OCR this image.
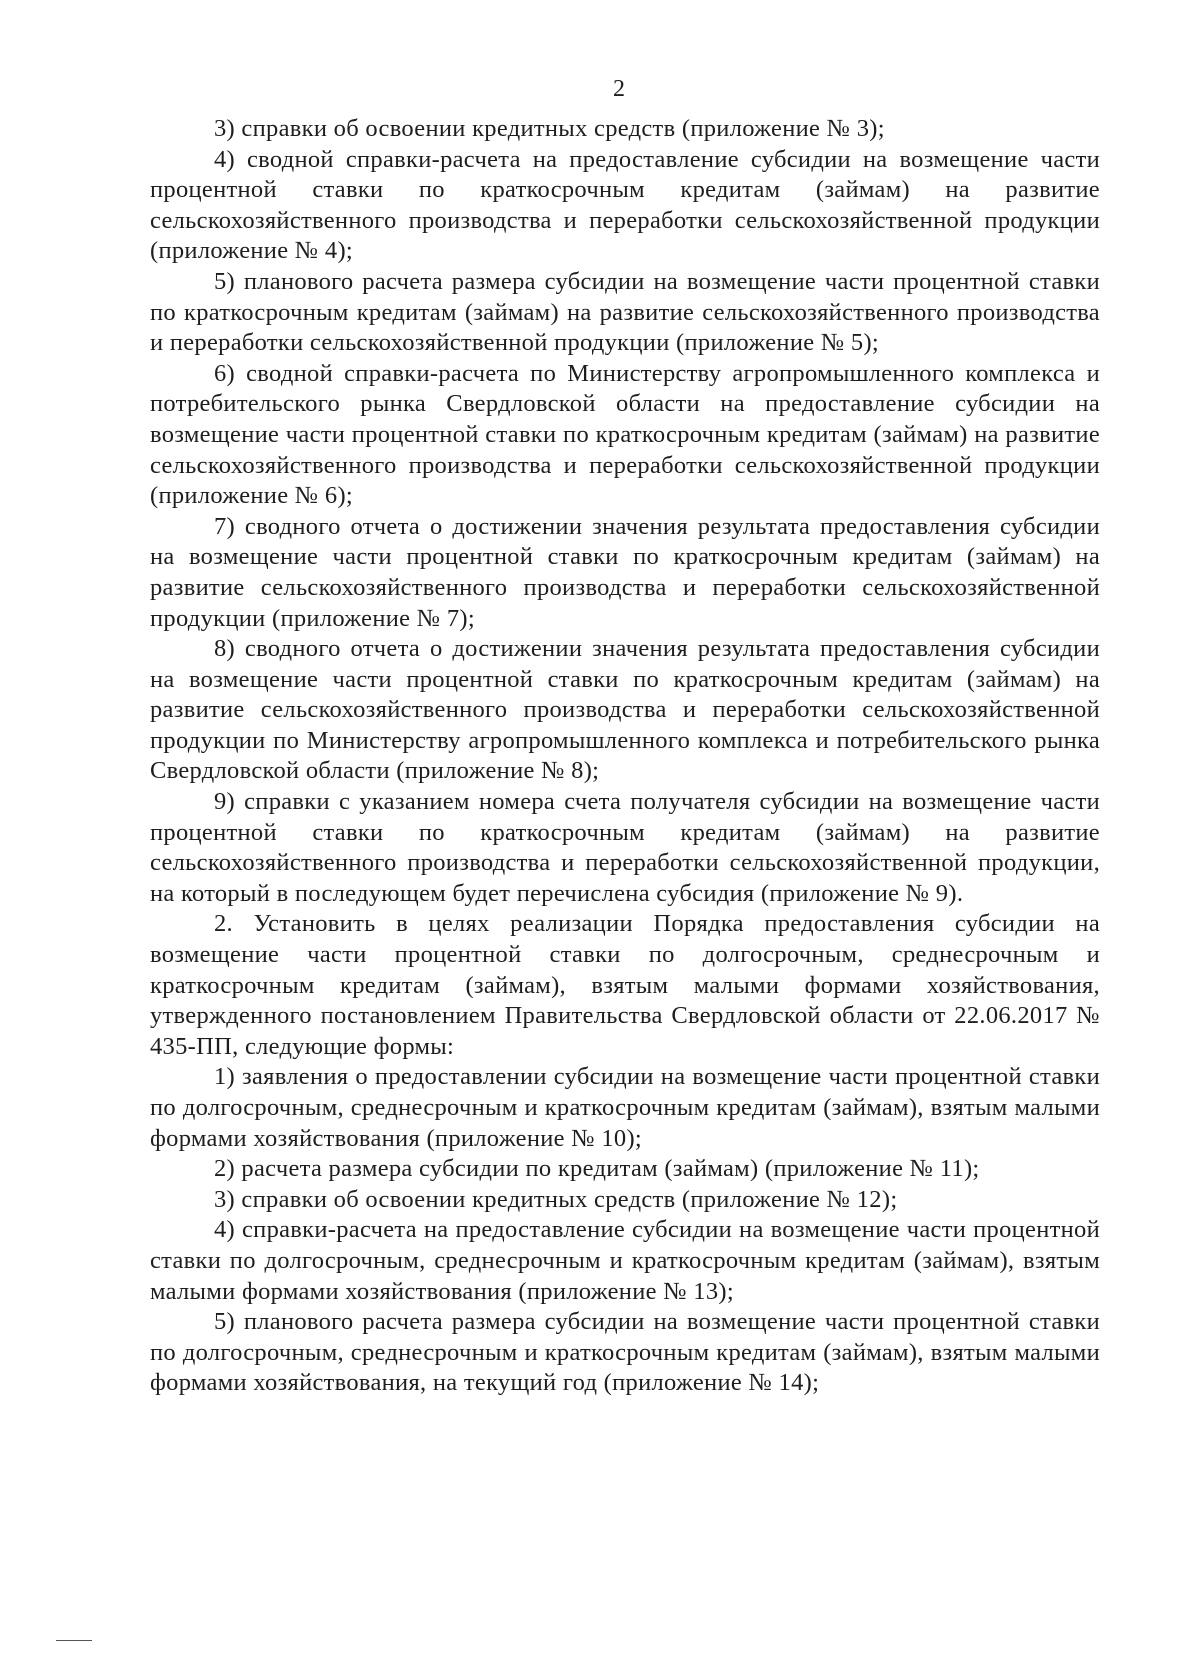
2

3) справки об освоении кредитных средств (приложение № 3);

4) сводной справки-расчета на предоставление субсидии на возмещение части процентной ставки по краткосрочным кредитам (займам) на развитие сельскохозяйственного производства и переработки сельскохозяйственной продукции (приложение № 4);

5) планового расчета размера субсидии на возмещение части процентной ставки по краткосрочным кредитам (займам) на развитие сельскохозяйственного производства и переработки сельскохозяйственной продукции (приложение № 5);

6) сводной справки-расчета по Министерству агропромышленного комплекса и потребительского рынка Свердловской области на предоставление субсидии на возмещение части процентной ставки по краткосрочным кредитам (займам) на развитие сельскохозяйственного производства и переработки сельскохозяйственной продукции (приложение № 6);

7) сводного отчета о достижении значения результата предоставления субсидии на возмещение части процентной ставки по краткосрочным кредитам (займам) на развитие сельскохозяйственного производства и переработки сельскохозяйственной продукции (приложение № 7);

8) сводного отчета о достижении значения результата предоставления субсидии на возмещение части процентной ставки по краткосрочным кредитам (займам) на развитие сельскохозяйственного производства и переработки сельскохозяйственной продукции по Министерству агропромышленного комплекса и потребительского рынка Свердловской области (приложение № 8);

9) справки с указанием номера счета получателя субсидии на возмещение части процентной ставки по краткосрочным кредитам (займам) на развитие сельскохозяйственного производства и переработки сельскохозяйственной продукции, на который в последующем будет перечислена субсидия (приложение № 9).

2. Установить в целях реализации Порядка предоставления субсидии на возмещение части процентной ставки по долгосрочным, среднесрочным и краткосрочным кредитам (займам), взятым малыми формами хозяйствования, утвержденного постановлением Правительства Свердловской области от 22.06.2017 № 435-ПП, следующие формы:

1) заявления о предоставлении субсидии на возмещение части процентной ставки по долгосрочным, среднесрочным и краткосрочным кредитам (займам), взятым малыми формами хозяйствования (приложение № 10);

2) расчета размера субсидии по кредитам (займам) (приложение № 11);

3) справки об освоении кредитных средств (приложение № 12);

4) справки-расчета на предоставление субсидии на возмещение части процентной ставки по долгосрочным, среднесрочным и краткосрочным кредитам (займам), взятым малыми формами хозяйствования (приложение № 13);

5) планового расчета размера субсидии на возмещение части процентной ставки по долгосрочным, среднесрочным и краткосрочным кредитам (займам), взятым малыми формами хозяйствования, на текущий год (приложение № 14);
